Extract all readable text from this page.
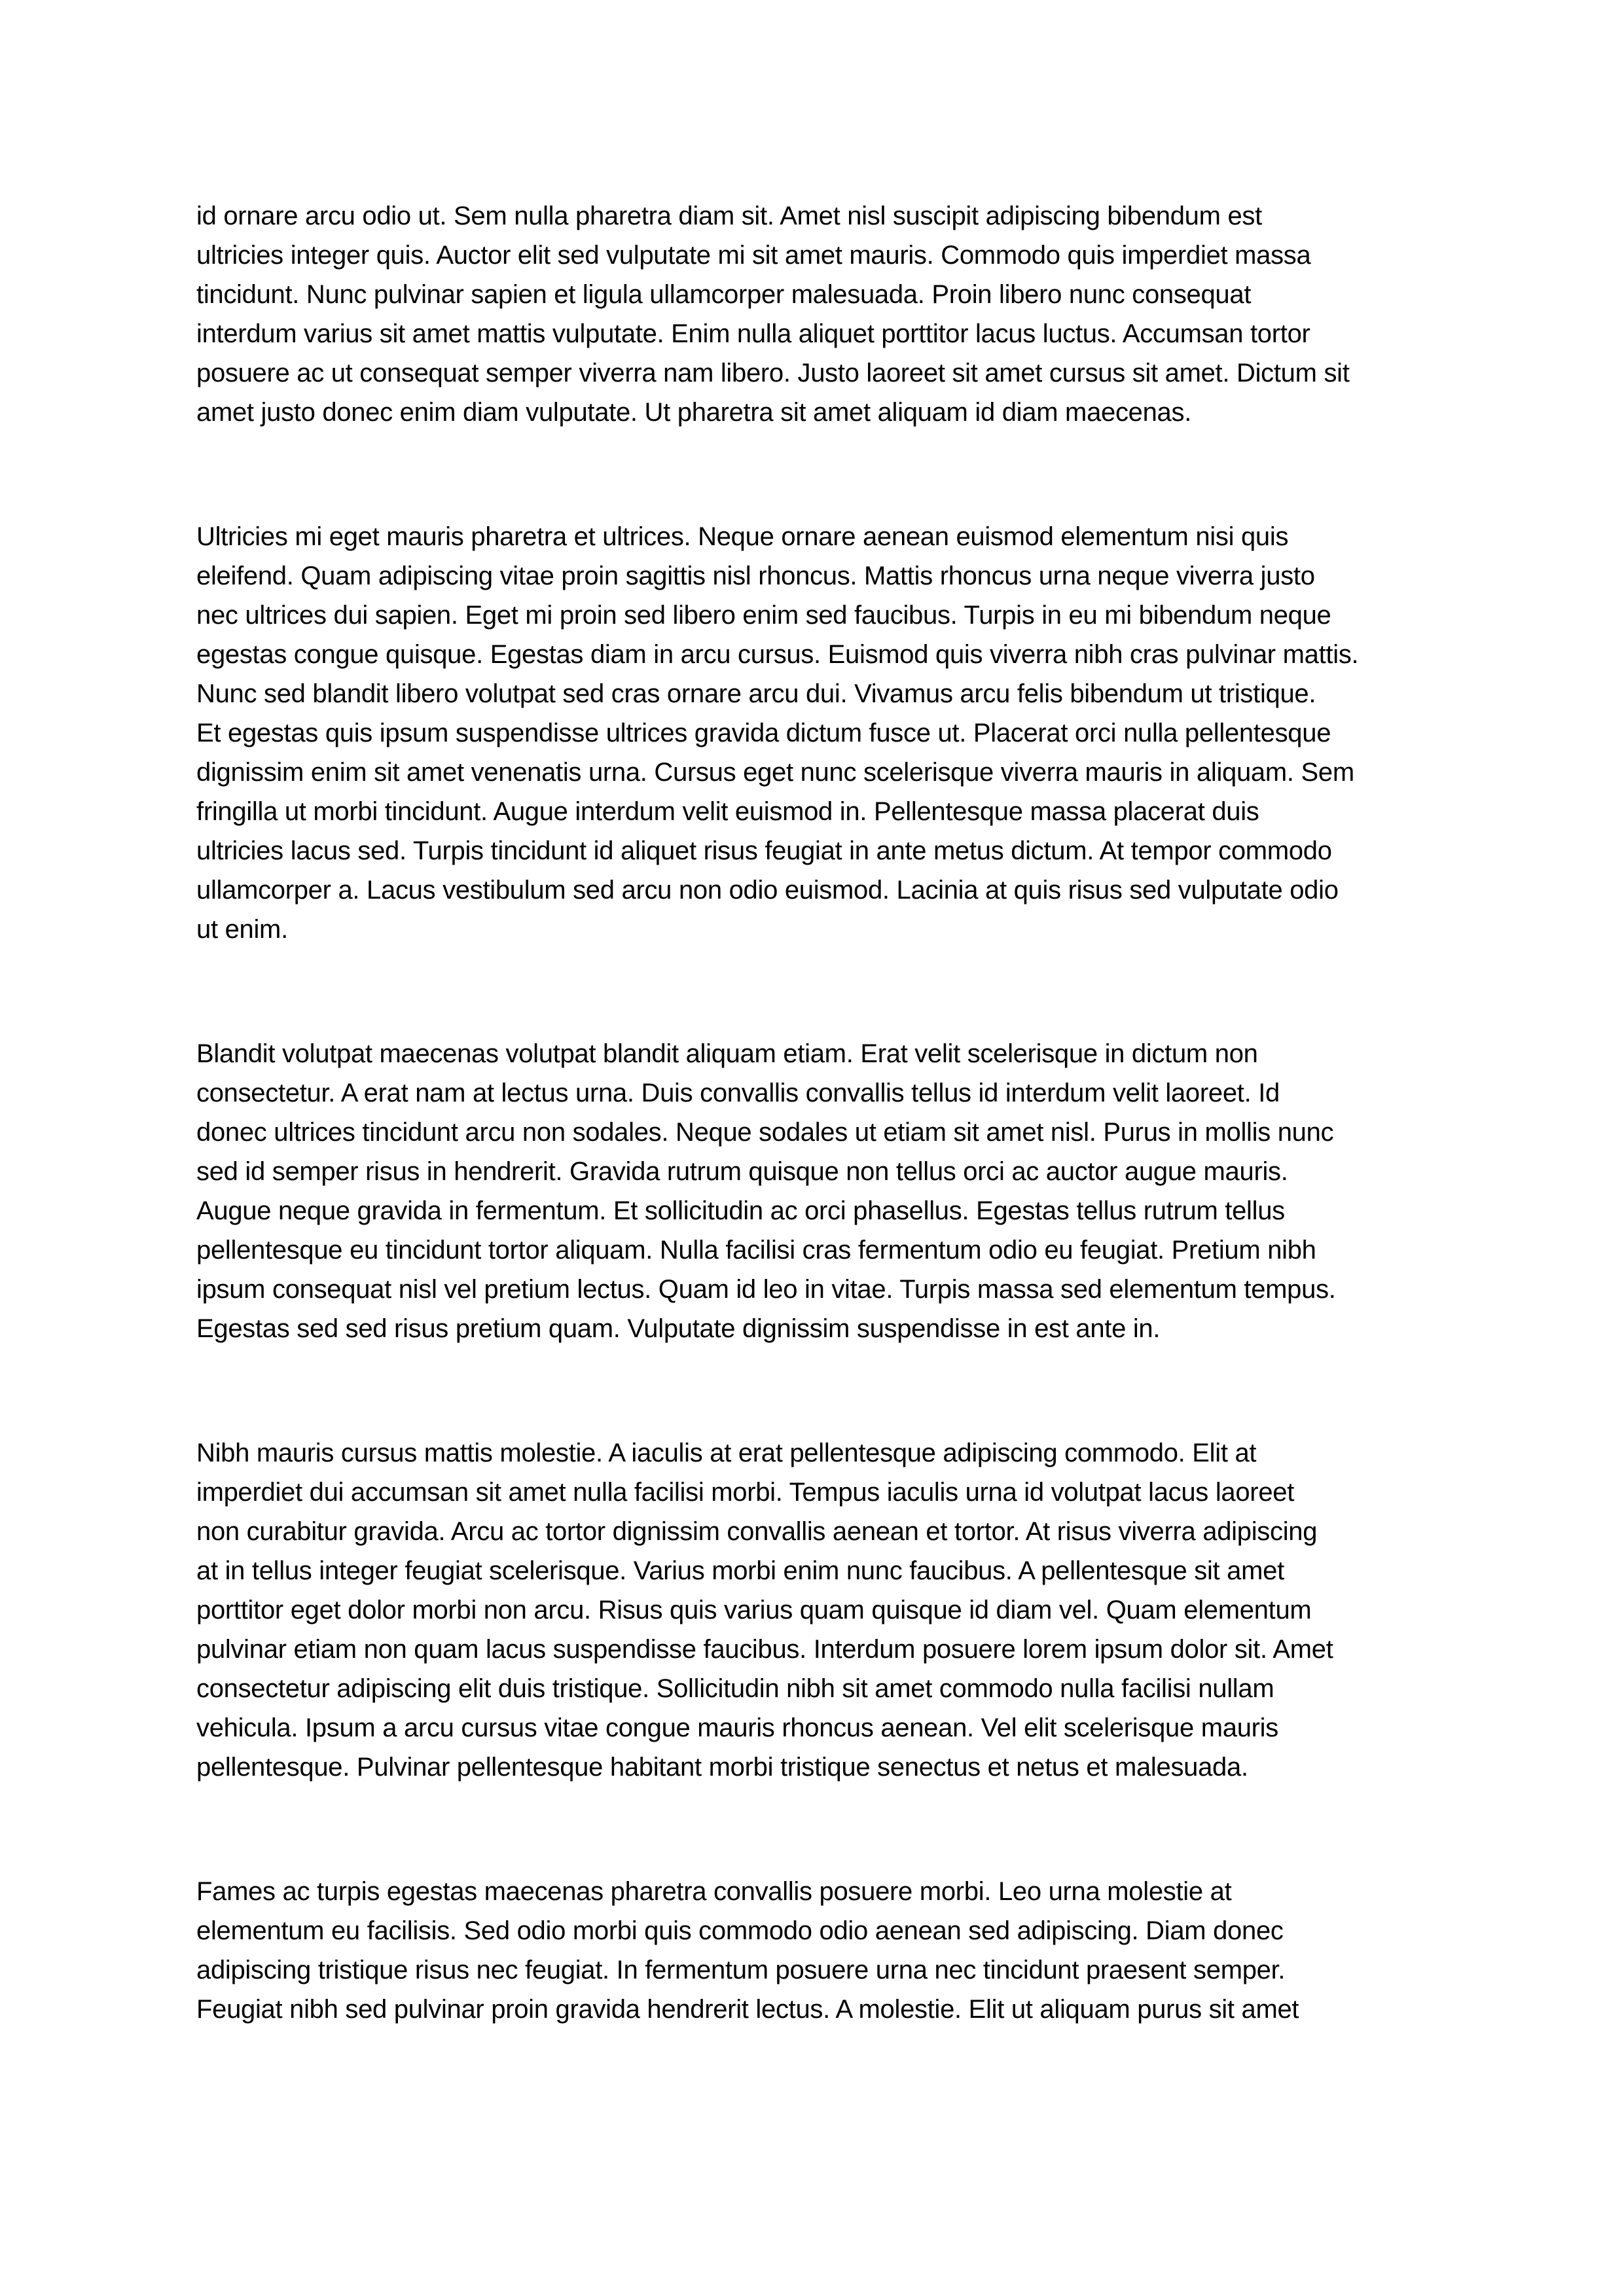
id ornare arcu odio ut. Sem nulla pharetra diam sit. Amet nisl suscipit adipiscing bibendum est
ultricies integer quis. Auctor elit sed vulputate mi sit amet mauris. Commodo quis imperdiet massa
tincidunt. Nunc pulvinar sapien et ligula ullamcorper malesuada. Proin libero nunc consequat
interdum varius sit amet mattis vulputate. Enim nulla aliquet porttitor lacus luctus. Accumsan tortor
posuere ac ut consequat semper viverra nam libero. Justo laoreet sit amet cursus sit amet. Dictum sit
amet justo donec enim diam vulputate. Ut pharetra sit amet aliquam id diam maecenas.
Ultricies mi eget mauris pharetra et ultrices. Neque ornare aenean euismod elementum nisi quis
eleifend. Quam adipiscing vitae proin sagittis nisl rhoncus. Mattis rhoncus urna neque viverra justo
nec ultrices dui sapien. Eget mi proin sed libero enim sed faucibus. Turpis in eu mi bibendum neque
egestas congue quisque. Egestas diam in arcu cursus. Euismod quis viverra nibh cras pulvinar mattis.
Nunc sed blandit libero volutpat sed cras ornare arcu dui. Vivamus arcu felis bibendum ut tristique.
Et egestas quis ipsum suspendisse ultrices gravida dictum fusce ut. Placerat orci nulla pellentesque
dignissim enim sit amet venenatis urna. Cursus eget nunc scelerisque viverra mauris in aliquam. Sem
fringilla ut morbi tincidunt. Augue interdum velit euismod in. Pellentesque massa placerat duis
ultricies lacus sed. Turpis tincidunt id aliquet risus feugiat in ante metus dictum. At tempor commodo
ullamcorper a. Lacus vestibulum sed arcu non odio euismod. Lacinia at quis risus sed vulputate odio
ut enim.
Blandit volutpat maecenas volutpat blandit aliquam etiam. Erat velit scelerisque in dictum non
consectetur. A erat nam at lectus urna. Duis convallis convallis tellus id interdum velit laoreet. Id
donec ultrices tincidunt arcu non sodales. Neque sodales ut etiam sit amet nisl. Purus in mollis nunc
sed id semper risus in hendrerit. Gravida rutrum quisque non tellus orci ac auctor augue mauris.
Augue neque gravida in fermentum. Et sollicitudin ac orci phasellus. Egestas tellus rutrum tellus
pellentesque eu tincidunt tortor aliquam. Nulla facilisi cras fermentum odio eu feugiat. Pretium nibh
ipsum consequat nisl vel pretium lectus. Quam id leo in vitae. Turpis massa sed elementum tempus.
Egestas sed sed risus pretium quam. Vulputate dignissim suspendisse in est ante in.
Nibh mauris cursus mattis molestie. A iaculis at erat pellentesque adipiscing commodo. Elit at
imperdiet dui accumsan sit amet nulla facilisi morbi. Tempus iaculis urna id volutpat lacus laoreet
non curabitur gravida. Arcu ac tortor dignissim convallis aenean et tortor. At risus viverra adipiscing
at in tellus integer feugiat scelerisque. Varius morbi enim nunc faucibus. A pellentesque sit amet
porttitor eget dolor morbi non arcu. Risus quis varius quam quisque id diam vel. Quam elementum
pulvinar etiam non quam lacus suspendisse faucibus. Interdum posuere lorem ipsum dolor sit. Amet
consectetur adipiscing elit duis tristique. Sollicitudin nibh sit amet commodo nulla facilisi nullam
vehicula. Ipsum a arcu cursus vitae congue mauris rhoncus aenean. Vel elit scelerisque mauris
pellentesque. Pulvinar pellentesque habitant morbi tristique senectus et netus et malesuada.
Fames ac turpis egestas maecenas pharetra convallis posuere morbi. Leo urna molestie at
elementum eu facilisis. Sed odio morbi quis commodo odio aenean sed adipiscing. Diam donec
adipiscing tristique risus nec feugiat. In fermentum posuere urna nec tincidunt praesent semper.
Feugiat nibh sed pulvinar proin gravida hendrerit lectus. A molestie. Elit ut aliquam purus sit amet
